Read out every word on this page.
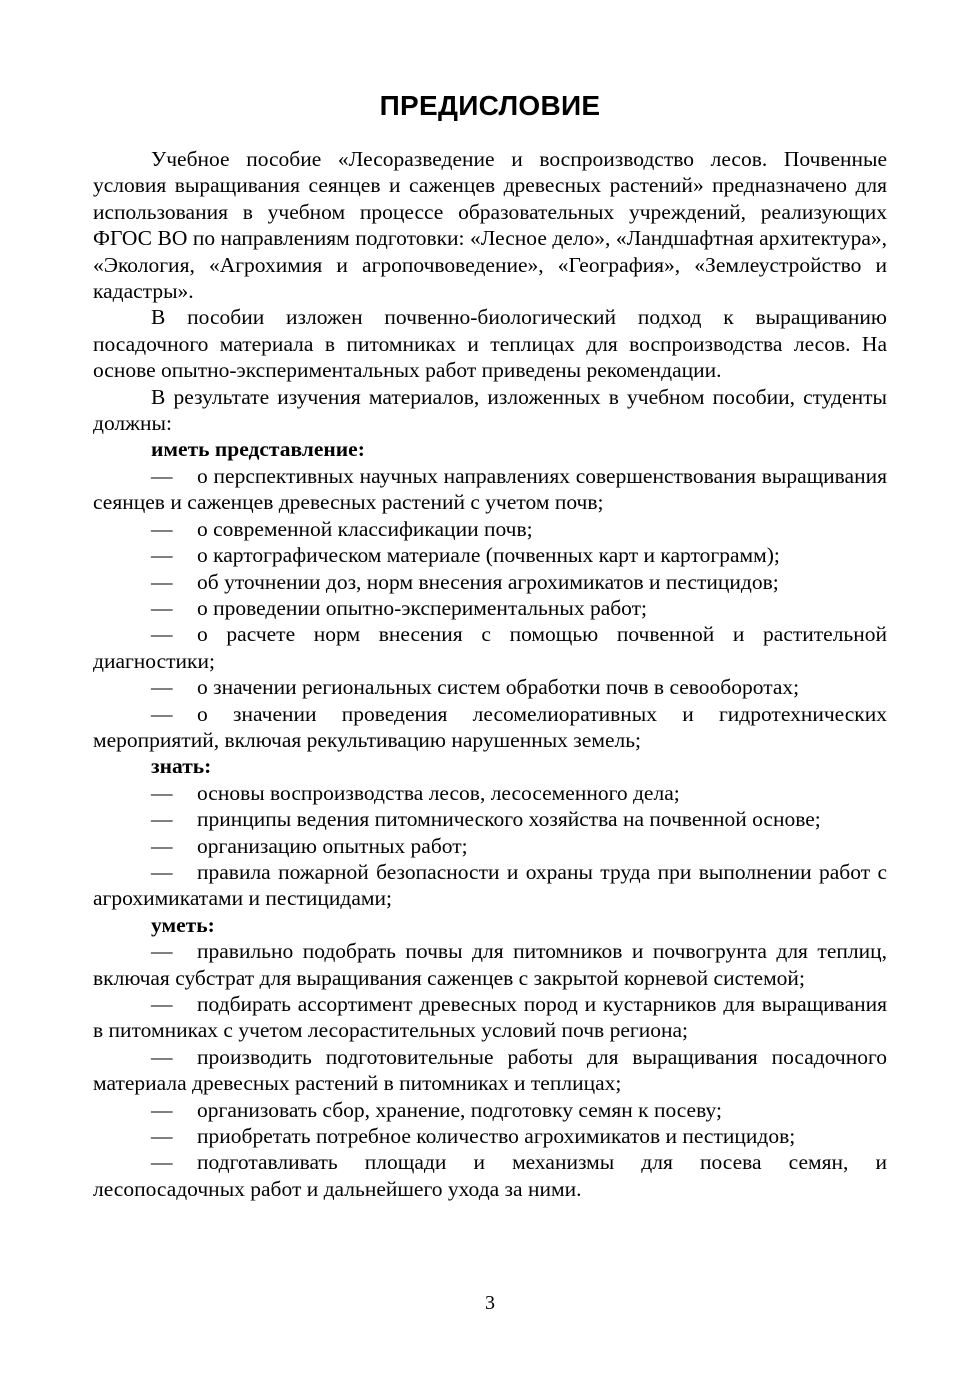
ПРЕДИСЛОВИЕ

Учебное пособие «Лесоразведение и воспроизводство лесов. Почвенные условия выращивания сеянцев и саженцев древесных растений» предназначено для использования в учебном процессе образовательных учреждений, реализующих ФГОС ВО по направлениям подготовки: «Лесное дело», «Ландшафтная архитектура», «Экология, «Агрохимия и агропочвоведение», «География», «Землеустройство и кадастры».

В пособии изложен почвенно-биологический подход к выращиванию посадочного материала в питомниках и теплицах для воспроизводства лесов. На основе опытно-экспериментальных работ приведены рекомендации.

В результате изучения материалов, изложенных в учебном пособии, студенты должны:

иметь представление:

— о перспективных научных направлениях совершенствования выращивания сеянцев и саженцев древесных растений с учетом почв;

— о современной классификации почв;

— о картографическом материале (почвенных карт и картограмм);

— об уточнении доз, норм внесения агрохимикатов и пестицидов;

— о проведении опытно-экспериментальных работ;

— о расчете норм внесения с помощью почвенной и растительной диагностики;

— о значении региональных систем обработки почв в севооборотах;

— о значении проведения лесомелиоративных и гидротехнических мероприятий, включая рекультивацию нарушенных земель;

знать:

— основы воспроизводства лесов, лесосеменного дела;

— принципы ведения питомнического хозяйства на почвенной основе;

— организацию опытных работ;

— правила пожарной безопасности и охраны труда при выполнении работ с агрохимикатами и пестицидами;

уметь:

— правильно подобрать почвы для питомников и почвогрунта для теплиц, включая субстрат для выращивания саженцев с закрытой корневой системой;

— подбирать ассортимент древесных пород и кустарников для выращивания в питомниках с учетом лесорастительных условий почв региона;

— производить подготовительные работы для выращивания посадочного материала древесных растений в питомниках и теплицах;

— организовать сбор, хранение, подготовку семян к посеву;

— приобретать потребное количество агрохимикатов и пестицидов;

— подготавливать площади и механизмы для посева семян, и лесопосадочных работ и дальнейшего ухода за ними.

3
